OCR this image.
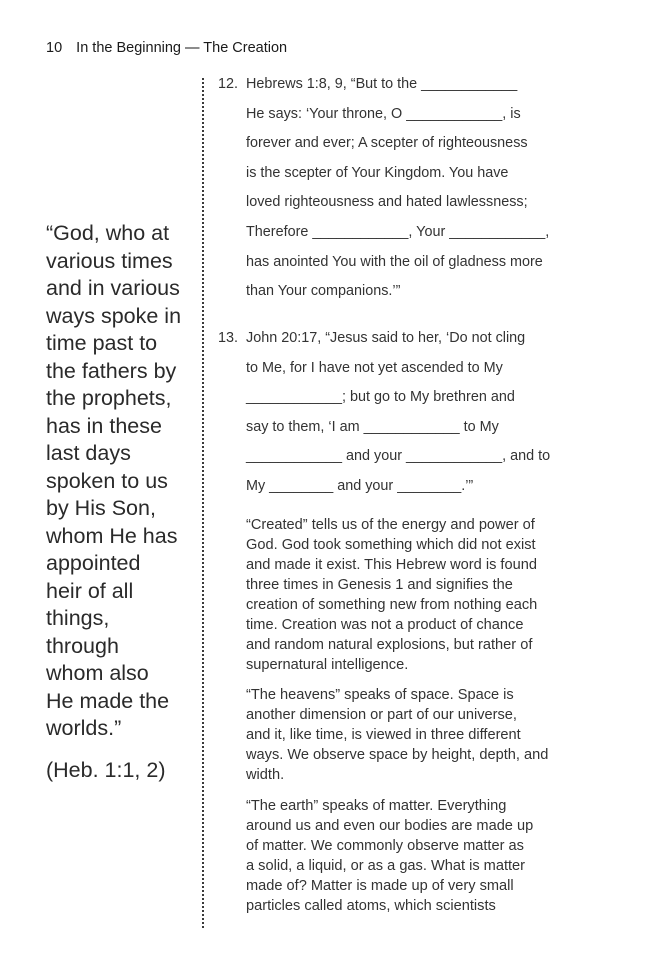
10 In the Beginning — The Creation
“God, who at
various times
and in various
ways spoke in
time past to
the fathers by
the prophets,
has in these
last days
spoken to us
by His Son,
whom He has
appointed
heir of all
things,
through
whom also
He made the
worlds.”
(Heb. 1:1, 2)
12. Hebrews 1:8, 9, “But to the ____________
He says: ‘Your throne, O ____________, is
forever and ever; A scepter of righteousness
is the scepter of Your Kingdom. You have
loved righteousness and hated lawlessness;
Therefore ____________, Your ____________,
has anointed You with the oil of gladness more
than Your companions.’”
13. John 20:17, “Jesus said to her, ‘Do not cling
to Me, for I have not yet ascended to My
____________; but go to My brethren and
say to them, ‘I am ____________ to My
____________ and your ____________, and to
My ________ and your ________.’”
“Created” tells us of the energy and power of
God. God took something which did not exist
and made it exist. This Hebrew word is found
three times in Genesis 1 and signifies the
creation of something new from nothing each
time. Creation was not a product of chance
and random natural explosions, but rather of
supernatural intelligence.
“The heavens” speaks of space. Space is
another dimension or part of our universe,
and it, like time, is viewed in three different
ways. We observe space by height, depth, and
width.
“The earth” speaks of matter. Everything
around us and even our bodies are made up
of matter. We commonly observe matter as
a solid, a liquid, or as a gas. What is matter
made of? Matter is made up of very small
particles called atoms, which scientists
